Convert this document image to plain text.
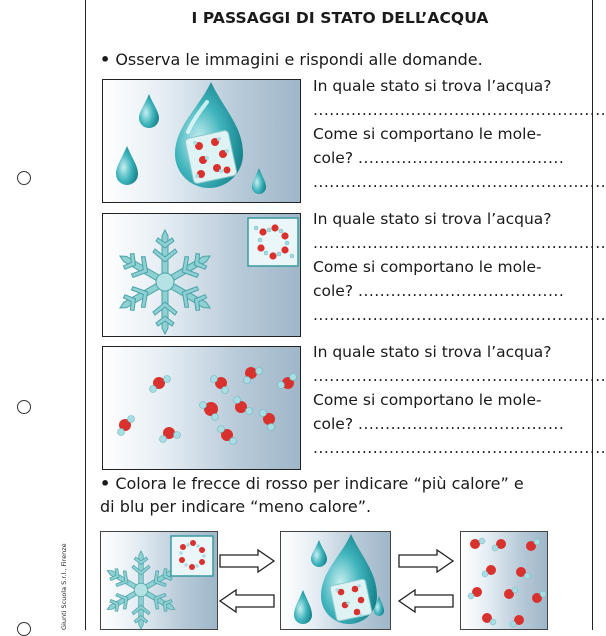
Giunti Scuola S.r.l., Firenze
I PASSAGGI DI STATO DELL’ACQUA
• Osserva le immagini e rispondi alle domande.
In quale stato si trova l’acqua?
......................................................
Come si comportano le mole-
cole? ......................................
......................................................
In quale stato si trova l’acqua?
......................................................
Come si comportano le mole-
cole? ......................................
......................................................
In quale stato si trova l’acqua?
......................................................
Come si comportano le mole-
cole? ......................................
......................................................
• Colora le frecce di rosso per indicare “più calore” e
di blu per indicare “meno calore”.
